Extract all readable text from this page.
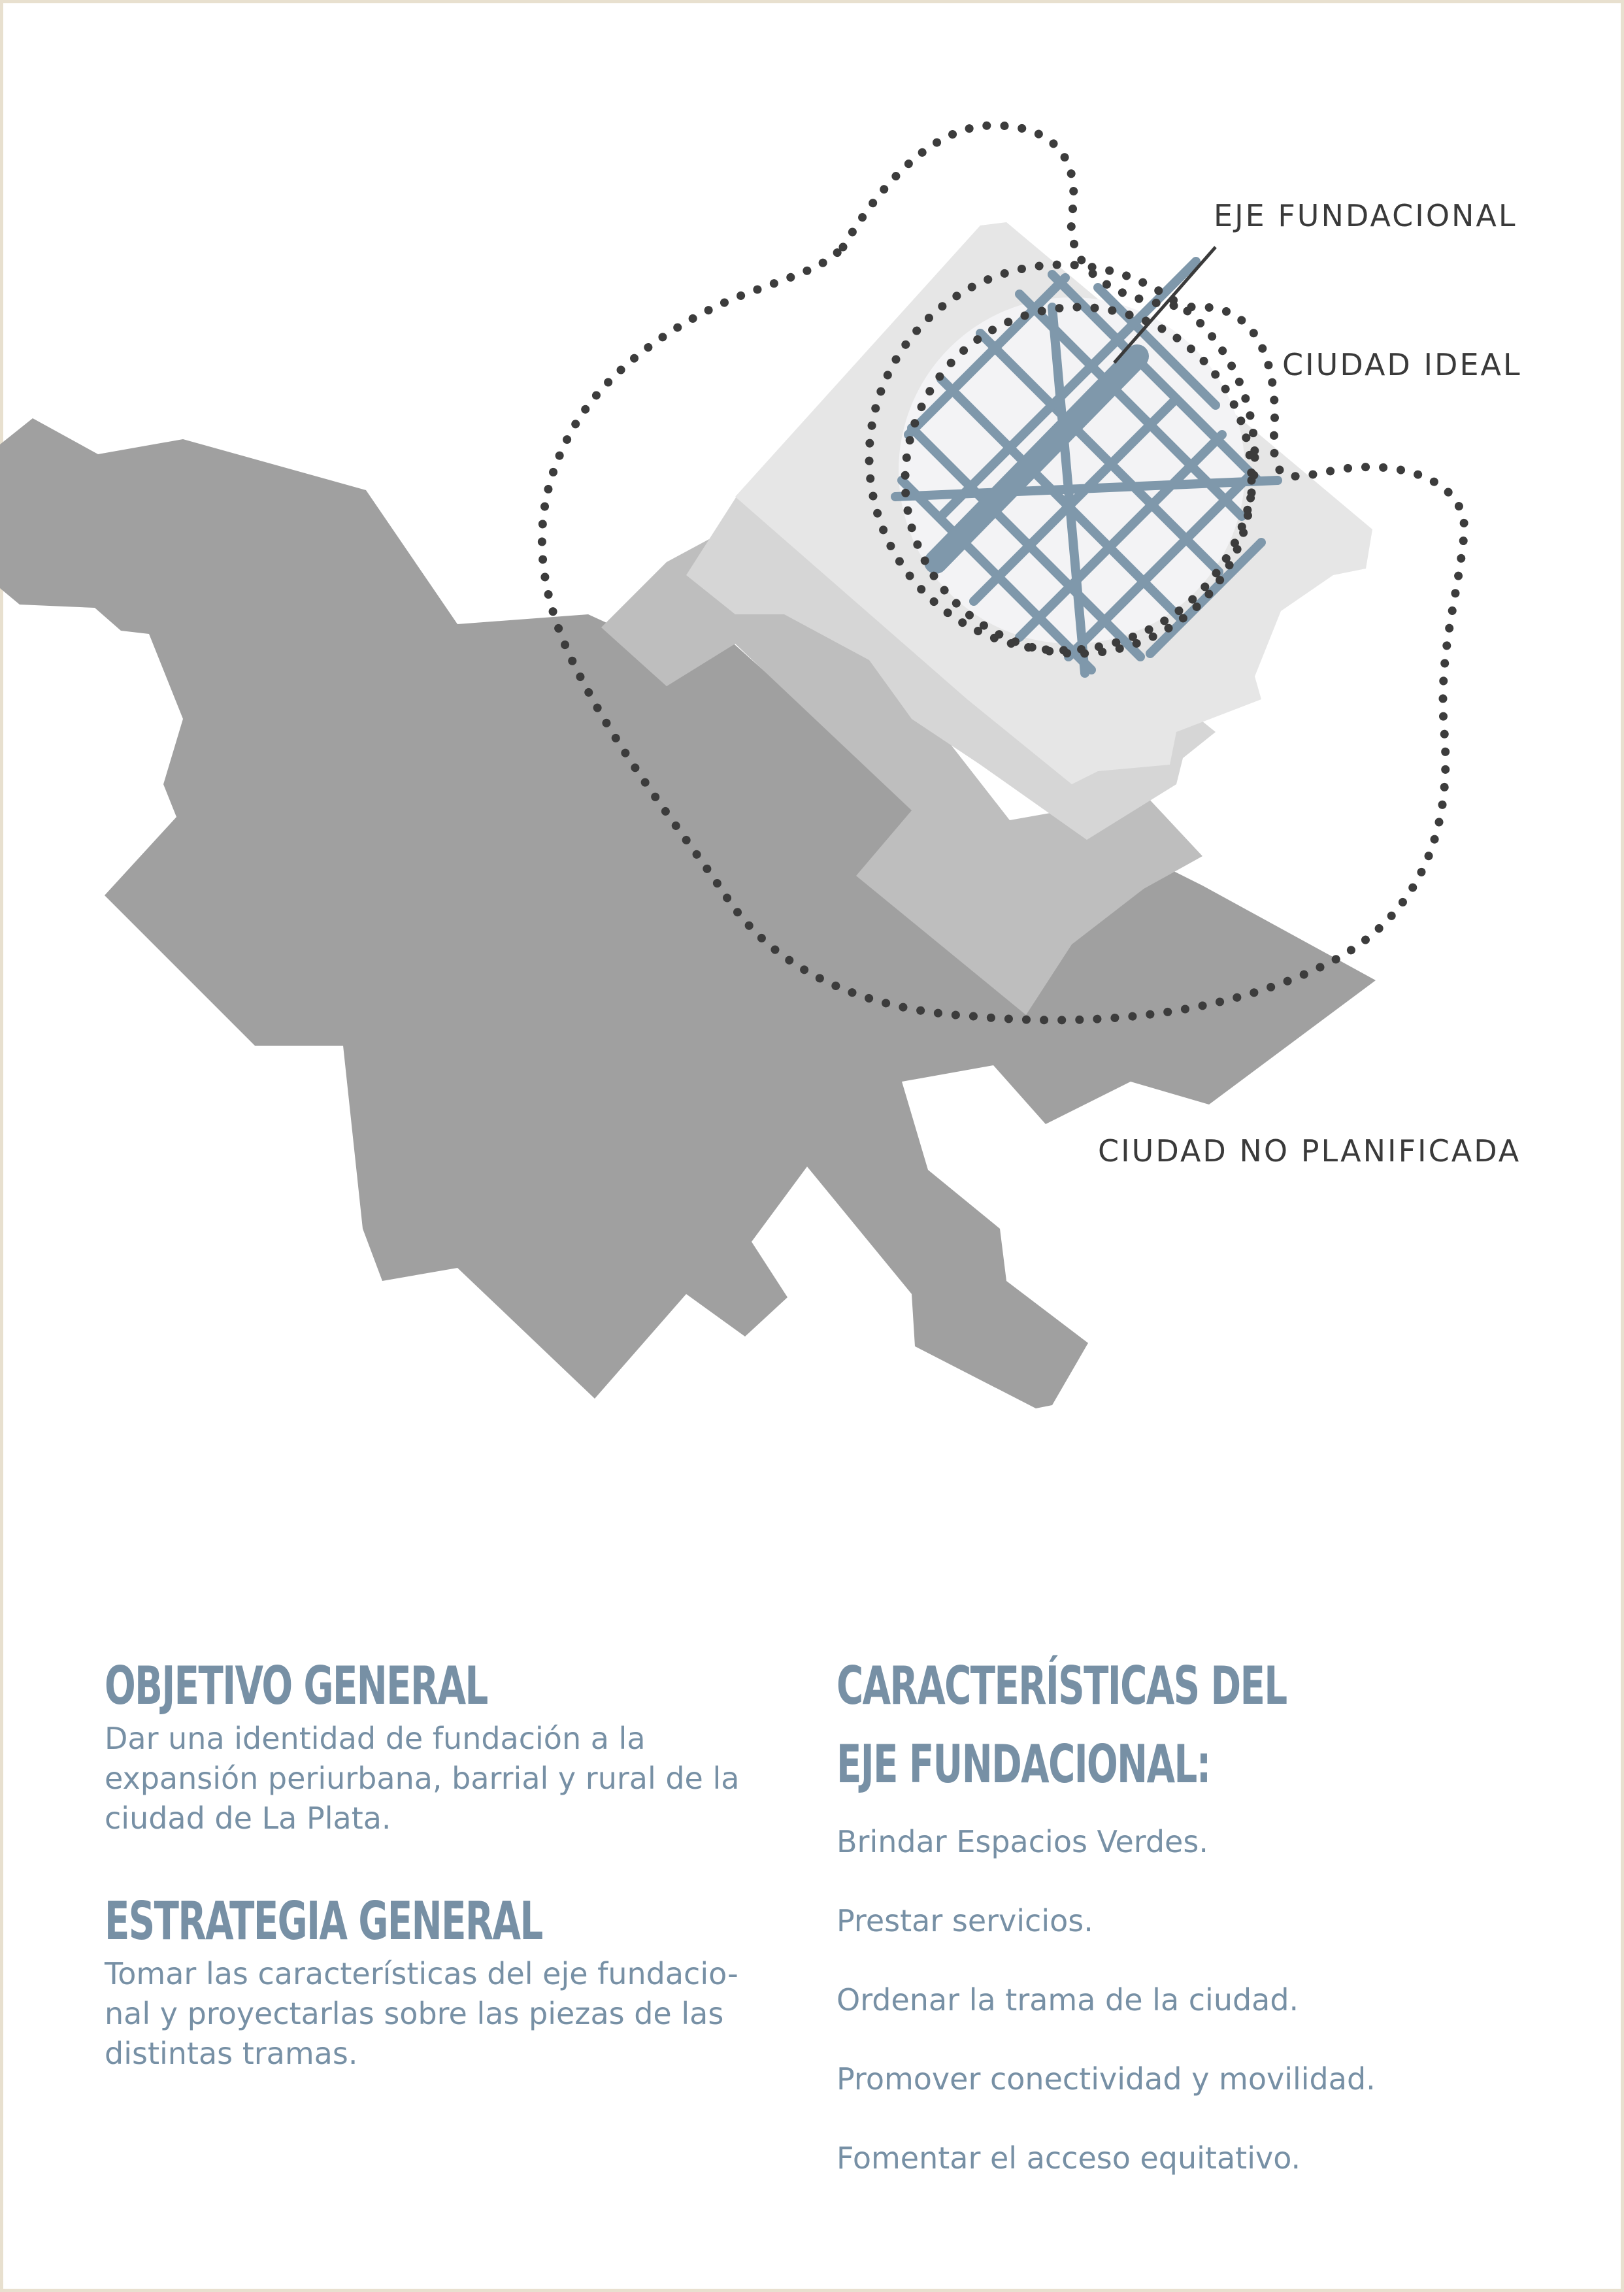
EJE FUNDACIONAL
CIUDAD IDEAL
CIUDAD NO PLANIFICADA
OBJETIVO GENERAL
Dar una identidad de fundación a la
expansión periurbana, barrial y rural de la
ciudad de La Plata.
ESTRATEGIA GENERAL
Tomar las características del eje fundacio-
nal y proyectarlas sobre las piezas de las
distintas tramas.
CARACTERÍSTICAS DEL
EJE FUNDACIONAL:
Brindar Espacios Verdes.
Prestar servicios.
Ordenar la trama de la ciudad.
Promover conectividad y movilidad.
Fomentar el acceso equitativo.
